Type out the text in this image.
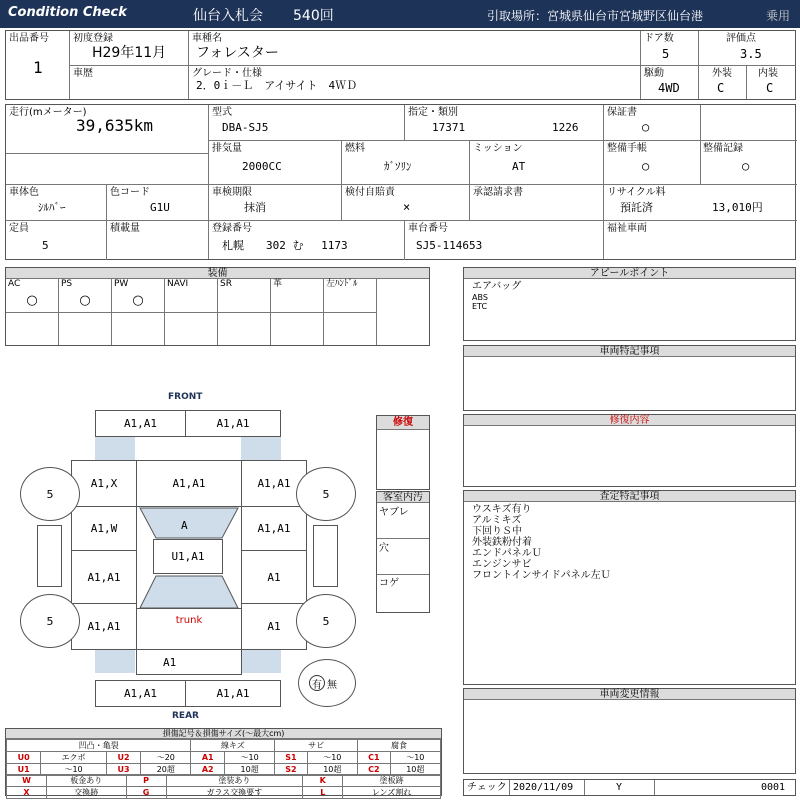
Condition Check	仙台入札会 540回	引取場所：宮城県仙台市宮城野区仙台港	乗用
出品番号
1
初度登録
H29年11月
車歴
車種名
フォレスター
グレード・仕様
2．0ｉ－Ｌ　アイサイト　4ＷＤ
ドア数
5
駆動
4WD
評価点
3.5
外装
C
内装
C
走行(mメーター)
39,635km
車体色
ｼﾙﾊﾞｰ
色コード
G1U
定員
5
積載量
型式
DBA-SJ5
指定・類別
17371	1226
排気量
2000CC
燃料
ｶﾞｿﾘﾝ
ミッション
AT
車検期限
抹消
検付自賠責
×
承認請求書
登録番号
札幌　　302 む　 1173
車台番号
SJ5-114653
保証書
○
整備手帳
○
整備記録
○
リサイクル料
預託済	13,010円
福祉車両
装備
AC
○
PS
○
PW
○
NAVI	SR	革	左ﾊﾝﾄﾞﾙ
FRONT
REAR
A1,A1	A1,A1
A1,X	A1,A1	A1,A1
A1,W	A	A1,A1
U1,A1
A1,A1	A1
A1,A1	trunk	A1
A1
A1,A1	A1,A1
5	5
5	5
有 無
修復
客室内汚
ヤブレ
穴
コゲ
アピールポイント
エアバッグ
ABS
ETC
車両特記事項
修復内容
査定特記事項
ウスキズ有り
アルミキズ
下回りＳ中
外装鉄粉付着
エンドパネルＵ
エンジンサビ
フロントインサイドパネル左Ｕ
車両変更情報
チェック 2020/11/09	Y	0001
損傷記号＆損傷サイズ(～最大cm)
凹凸・亀裂				線キズ		サビ		腐食	
U0	エクボ	U2	～20	A1	～10	S1	～10	C1	～10
U1	～10	U3	20超	A2	10超	S2	10超	C2	10超
W	板金あり	P	塗装あり	K	塗板跡
X	交換跡	G	ガラス交換要す	L	レンズ割れ
